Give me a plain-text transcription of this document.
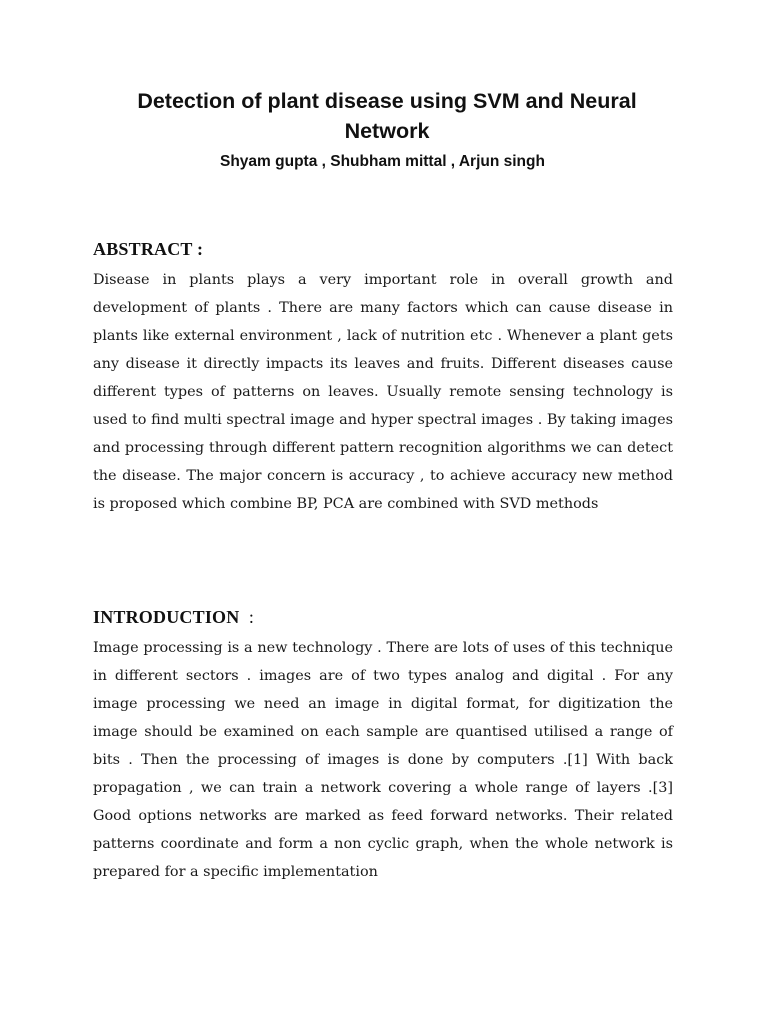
Detection of plant disease using SVM and Neural Network

Shyam gupta , Shubham mittal , Arjun singh

ABSTRACT :

Disease in plants plays a very important role in overall growth and development of plants . There are many factors which can cause disease in plants like external environment , lack of nutrition etc . Whenever a plant gets any disease it directly impacts its leaves and fruits. Different diseases cause different types of patterns on leaves. Usually remote sensing technology is used to find multi spectral image and hyper spectral images . By taking images and processing through different pattern recognition algorithms we can detect the disease. The major concern is accuracy , to achieve accuracy new method is proposed which combine BP, PCA are combined with SVD methods

INTRODUCTION :

Image processing is a new technology . There are lots of uses of this technique in different sectors . images are of two types analog and digital . For any image processing we need an image in digital format, for digitization the image should be examined on each sample are quantised utilised a range of bits . Then the processing of images is done by computers .[1] With back propagation , we can train a network covering a whole range of layers .[3] Good options networks are marked as feed forward networks. Their related patterns coordinate and form a non cyclic graph, when the whole network is prepared for a specific implementation
